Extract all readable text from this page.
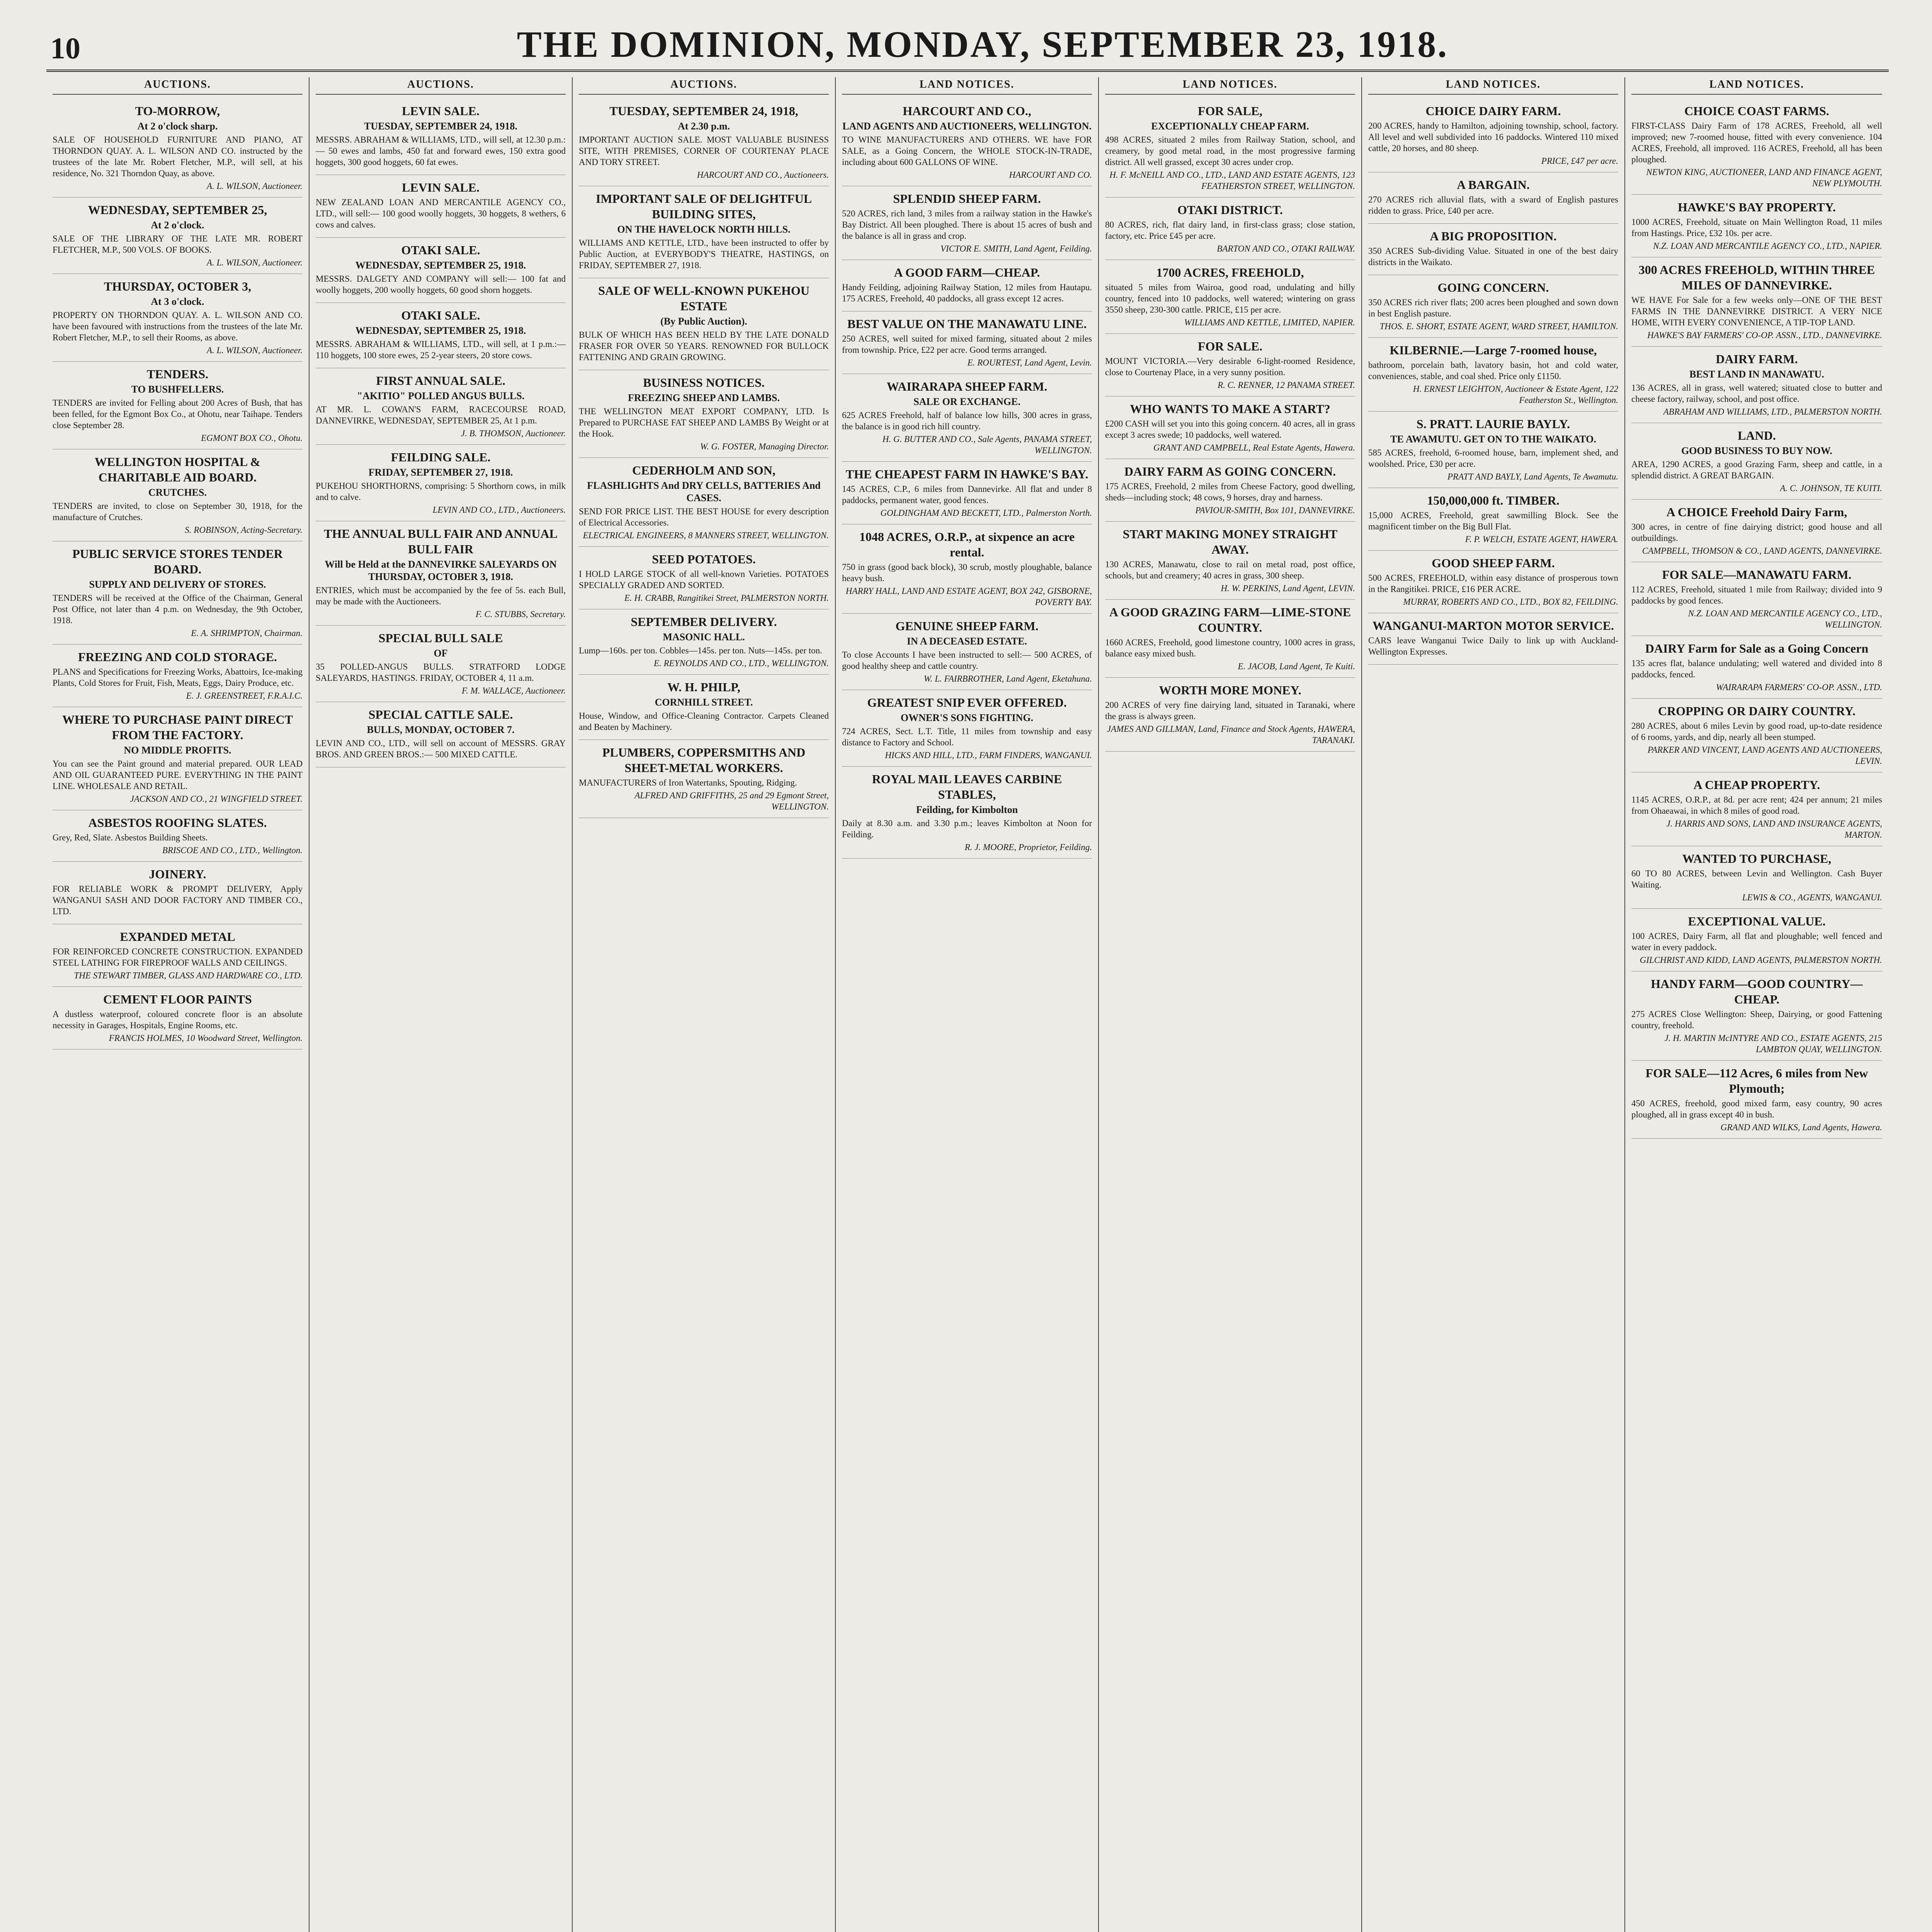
10	THE DOMINION, MONDAY, SEPTEMBER 23, 1918.
AUCTIONS.
TO-MORROW,
At 2 o'clock sharp.

SALE OF HOUSEHOLD FURNITURE AND PIANO, AT THORNDON QUAY. A. L. WILSON AND CO. instructed by the trustees of the late Mr. Robert Fletcher, M.P., will sell, at his residence, No. 321 Thorndon Quay, as above.

A. L. WILSON, Auctioneer.
WEDNESDAY, SEPTEMBER 25,
At 2 o'clock.

SALE OF THE LIBRARY OF THE LATE MR. ROBERT FLETCHER, M.P., 500 VOLS. OF BOOKS.

A. L. WILSON, Auctioneer.
THURSDAY, OCTOBER 3,
At 3 o'clock.

PROPERTY ON THORNDON QUAY. A. L. WILSON AND CO. have been favoured with instructions from the trustees of the late Mr. Robert Fletcher, M.P., to sell their Rooms, as above.

A. L. WILSON, Auctioneer.
TENDERS.
TO BUSHFELLERS.

TENDERS are invited for Felling about 200 Acres of Bush, that has been felled, for the Egmont Box Co., at Ohotu, near Taihape. Tenders close September 28.

EGMONT BOX CO., Ohotu.
WELLINGTON HOSPITAL & CHARITABLE AID BOARD.
CRUTCHES.

TENDERS are invited, to close on September 30, 1918, for the manufacture of Crutches.

S. ROBINSON, Acting-Secretary.
PUBLIC SERVICE STORES TENDER BOARD.
SUPPLY AND DELIVERY OF STORES.

TENDERS will be received at the Office of the Chairman, General Post Office, not later than 4 p.m. on Wednesday, the 9th October, 1918.

E. A. SHRIMPTON, Chairman.
FREEZING AND COLD STORAGE.

PLANS and Specifications for Freezing Works, Abattoirs, Ice-making Plants, Cold Stores for Fruit, Fish, Meats, Eggs, Dairy Produce, etc.

E. J. GREENSTREET, F.R.A.I.C.
WHERE TO PURCHASE PAINT DIRECT FROM THE FACTORY.
NO MIDDLE PROFITS.

You can see the Paint ground and material prepared. OUR LEAD AND OIL GUARANTEED PURE. EVERYTHING IN THE PAINT LINE. WHOLESALE AND RETAIL.

JACKSON AND CO., 21 WINGFIELD STREET.
ASBESTOS ROOFING SLATES.

Grey, Red, Slate. Asbestos Building Sheets.

BRISCOE AND CO., LTD., Wellington.
JOINERY.

FOR RELIABLE WORK & PROMPT DELIVERY, Apply WANGANUI SASH AND DOOR FACTORY AND TIMBER CO., LTD.

EXPANDED METAL

FOR REINFORCED CONCRETE CONSTRUCTION. EXPANDED STEEL LATHING FOR FIREPROOF WALLS AND CEILINGS.

THE STEWART TIMBER, GLASS AND HARDWARE CO., LTD.
CEMENT FLOOR PAINTS

A dustless waterproof, coloured concrete floor is an absolute necessity in Garages, Hospitals, Engine Rooms, etc.

FRANCIS HOLMES, 10 Woodward Street, Wellington.
AUCTIONS.
LEVIN SALE.
TUESDAY, SEPTEMBER 24, 1918.

MESSRS. ABRAHAM & WILLIAMS, LTD., will sell, at 12.30 p.m.:— 50 ewes and lambs, 450 fat and forward ewes, 150 extra good hoggets, 300 good hoggets, 60 fat ewes.

LEVIN SALE.

NEW ZEALAND LOAN AND MERCANTILE AGENCY CO., LTD., will sell:— 100 good woolly hoggets, 30 hoggets, 8 wethers, 6 cows and calves.

OTAKI SALE.
WEDNESDAY, SEPTEMBER 25, 1918.

MESSRS. DALGETY AND COMPANY will sell:— 100 fat and woolly hoggets, 200 woolly hoggets, 60 good shorn hoggets.

OTAKI SALE.
WEDNESDAY, SEPTEMBER 25, 1918.

MESSRS. ABRAHAM & WILLIAMS, LTD., will sell, at 1 p.m.:— 110 hoggets, 100 store ewes, 25 2-year steers, 20 store cows.

FIRST ANNUAL SALE.
"AKITIO" POLLED ANGUS BULLS.

AT MR. L. COWAN'S FARM, RACECOURSE ROAD, DANNEVIRKE, WEDNESDAY, SEPTEMBER 25, At 1 p.m.

J. B. THOMSON, Auctioneer.
FEILDING SALE.
FRIDAY, SEPTEMBER 27, 1918.

PUKEHOU SHORTHORNS, comprising: 5 Shorthorn cows, in milk and to calve.

LEVIN AND CO., LTD., Auctioneers.
THE ANNUAL BULL FAIR AND ANNUAL BULL FAIR
Will be Held at the DANNEVIRKE SALEYARDS ON THURSDAY, OCTOBER 3, 1918.

ENTRIES, which must be accompanied by the fee of 5s. each Bull, may be made with the Auctioneers.

F. C. STUBBS, Secretary.
SPECIAL BULL SALE
OF

35 POLLED-ANGUS BULLS. STRATFORD LODGE SALEYARDS, HASTINGS. FRIDAY, OCTOBER 4, 11 a.m.

F. M. WALLACE, Auctioneer.
SPECIAL CATTLE SALE.
BULLS, MONDAY, OCTOBER 7.

LEVIN AND CO., LTD., will sell on account of MESSRS. GRAY BROS. AND GREEN BROS.:— 500 MIXED CATTLE.

AUCTIONS.
TUESDAY, SEPTEMBER 24, 1918,
At 2.30 p.m.

IMPORTANT AUCTION SALE. MOST VALUABLE BUSINESS SITE, WITH PREMISES, CORNER OF COURTENAY PLACE AND TORY STREET.

HARCOURT AND CO., Auctioneers.
IMPORTANT SALE OF DELIGHTFUL BUILDING SITES,
ON THE HAVELOCK NORTH HILLS.

WILLIAMS AND KETTLE, LTD., have been instructed to offer by Public Auction, at EVERYBODY'S THEATRE, HASTINGS, on FRIDAY, SEPTEMBER 27, 1918.

SALE OF WELL-KNOWN PUKEHOU ESTATE
(By Public Auction).

BULK OF WHICH HAS BEEN HELD BY THE LATE DONALD FRASER FOR OVER 50 YEARS. RENOWNED FOR BULLOCK FATTENING AND GRAIN GROWING.

BUSINESS NOTICES.
FREEZING SHEEP AND LAMBS.

THE WELLINGTON MEAT EXPORT COMPANY, LTD. Is Prepared to PURCHASE FAT SHEEP AND LAMBS By Weight or at the Hook.

W. G. FOSTER, Managing Director.
CEDERHOLM AND SON,
FLASHLIGHTS And DRY CELLS, BATTERIES And CASES.

SEND FOR PRICE LIST. THE BEST HOUSE for every description of Electrical Accessories.

ELECTRICAL ENGINEERS, 8 MANNERS STREET, WELLINGTON.
SEED POTATOES.

I HOLD LARGE STOCK of all well-known Varieties. POTATOES SPECIALLY GRADED AND SORTED.

E. H. CRABB, Rangitikei Street, PALMERSTON NORTH.
SEPTEMBER DELIVERY.
MASONIC HALL.

Lump—160s. per ton. Cobbles—145s. per ton. Nuts—145s. per ton.

E. REYNOLDS AND CO., LTD., WELLINGTON.
W. H. PHILP,
CORNHILL STREET.

House, Window, and Office-Cleaning Contractor. Carpets Cleaned and Beaten by Machinery.

PLUMBERS, COPPERSMITHS AND SHEET-METAL WORKERS.

MANUFACTURERS of Iron Watertanks, Spouting, Ridging.

ALFRED AND GRIFFITHS, 25 and 29 Egmont Street, WELLINGTON.
LAND NOTICES.
HARCOURT AND CO.,
LAND AGENTS AND AUCTIONEERS, WELLINGTON.

TO WINE MANUFACTURERS AND OTHERS. WE have FOR SALE, as a Going Concern, the WHOLE STOCK-IN-TRADE, including about 600 GALLONS OF WINE.

HARCOURT AND CO.
SPLENDID SHEEP FARM.

520 ACRES, rich land, 3 miles from a railway station in the Hawke's Bay District. All been ploughed. There is about 15 acres of bush and the balance is all in grass and crop.

VICTOR E. SMITH, Land Agent, Feilding.
A GOOD FARM—CHEAP.

Handy Feilding, adjoining Railway Station, 12 miles from Hautapu. 175 ACRES, Freehold, 40 paddocks, all grass except 12 acres.

BEST VALUE ON THE MANAWATU LINE.

250 ACRES, well suited for mixed farming, situated about 2 miles from township. Price, £22 per acre. Good terms arranged.

E. ROURTEST, Land Agent, Levin.
WAIRARAPA SHEEP FARM.
SALE OR EXCHANGE.

625 ACRES Freehold, half of balance low hills, 300 acres in grass, the balance is in good rich hill country.

H. G. BUTTER AND CO., Sale Agents, PANAMA STREET, WELLINGTON.
THE CHEAPEST FARM IN HAWKE'S BAY.

145 ACRES, C.P., 6 miles from Dannevirke. All flat and under 8 paddocks, permanent water, good fences.

GOLDINGHAM AND BECKETT, LTD., Palmerston North.
1048 ACRES, O.R.P., at sixpence an acre rental.

750 in grass (good back block), 30 scrub, mostly ploughable, balance heavy bush.

HARRY HALL, LAND AND ESTATE AGENT, BOX 242, GISBORNE, POVERTY BAY.
GENUINE SHEEP FARM.
IN A DECEASED ESTATE.

To close Accounts I have been instructed to sell:— 500 ACRES, of good healthy sheep and cattle country.

W. L. FAIRBROTHER, Land Agent, Eketahuna.
GREATEST SNIP EVER OFFERED.
OWNER'S SONS FIGHTING.

724 ACRES, Sect. L.T. Title, 11 miles from township and easy distance to Factory and School.

HICKS AND HILL, LTD., FARM FINDERS, WANGANUI.
ROYAL MAIL LEAVES CARBINE STABLES,
Feilding, for Kimbolton

Daily at 8.30 a.m. and 3.30 p.m.; leaves Kimbolton at Noon for Feilding.

R. J. MOORE, Proprietor, Feilding.
LAND NOTICES.
FOR SALE,
EXCEPTIONALLY CHEAP FARM.

498 ACRES, situated 2 miles from Railway Station, school, and creamery, by good metal road, in the most progressive farming district. All well grassed, except 30 acres under crop.

H. F. McNEILL AND CO., LTD., LAND AND ESTATE AGENTS, 123 FEATHERSTON STREET, WELLINGTON.
OTAKI DISTRICT.

80 ACRES, rich, flat dairy land, in first-class grass; close station, factory, etc. Price £45 per acre.

BARTON AND CO., OTAKI RAILWAY.
1700 ACRES, FREEHOLD,

situated 5 miles from Wairoa, good road, undulating and hilly country, fenced into 10 paddocks, well watered; wintering on grass 3550 sheep, 230-300 cattle. PRICE, £15 per acre.

WILLIAMS AND KETTLE, LIMITED, NAPIER.
FOR SALE.

MOUNT VICTORIA.—Very desirable 6-light-roomed Residence, close to Courtenay Place, in a very sunny position.

R. C. RENNER, 12 PANAMA STREET.
WHO WANTS TO MAKE A START?

£200 CASH will set you into this going concern. 40 acres, all in grass except 3 acres swede; 10 paddocks, well watered.

GRANT AND CAMPBELL, Real Estate Agents, Hawera.
DAIRY FARM AS GOING CONCERN.

175 ACRES, Freehold, 2 miles from Cheese Factory, good dwelling, sheds—including stock; 48 cows, 9 horses, dray and harness.

PAVIOUR-SMITH, Box 101, DANNEVIRKE.
START MAKING MONEY STRAIGHT AWAY.

130 ACRES, Manawatu, close to rail on metal road, post office, schools, but and creamery; 40 acres in grass, 300 sheep.

H. W. PERKINS, Land Agent, LEVIN.
A GOOD GRAZING FARM—LIME-STONE COUNTRY.

1660 ACRES, Freehold, good limestone country, 1000 acres in grass, balance easy mixed bush.

E. JACOB, Land Agent, Te Kuiti.
WORTH MORE MONEY.

200 ACRES of very fine dairying land, situated in Taranaki, where the grass is always green.

JAMES AND GILLMAN, Land, Finance and Stock Agents, HAWERA, TARANAKI.
LAND NOTICES.
CHOICE DAIRY FARM.

200 ACRES, handy to Hamilton, adjoining township, school, factory. All level and well subdivided into 16 paddocks. Wintered 110 mixed cattle, 20 horses, and 80 sheep.

PRICE, £47 per acre.
A BARGAIN.

270 ACRES rich alluvial flats, with a sward of English pastures ridden to grass. Price, £40 per acre.

A BIG PROPOSITION.

350 ACRES Sub-dividing Value. Situated in one of the best dairy districts in the Waikato.

GOING CONCERN.

350 ACRES rich river flats; 200 acres been ploughed and sown down in best English pasture.

THOS. E. SHORT, ESTATE AGENT, WARD STREET, HAMILTON.
KILBERNIE.—Large 7-roomed house,

bathroom, porcelain bath, lavatory basin, hot and cold water, conveniences, stable, and coal shed. Price only £1150.

H. ERNEST LEIGHTON, Auctioneer & Estate Agent, 122 Featherston St., Wellington.
S. PRATT. LAURIE BAYLY.
TE AWAMUTU. GET ON TO THE WAIKATO.

585 ACRES, freehold, 6-roomed house, barn, implement shed, and woolshed. Price, £30 per acre.

PRATT AND BAYLY, Land Agents, Te Awamutu.
150,000,000 ft. TIMBER.

15,000 ACRES, Freehold, great sawmilling Block. See the magnificent timber on the Big Bull Flat.

F. P. WELCH, ESTATE AGENT, HAWERA.
GOOD SHEEP FARM.

500 ACRES, FREEHOLD, within easy distance of prosperous town in the Rangitikei. PRICE, £16 PER ACRE.

MURRAY, ROBERTS AND CO., LTD., BOX 82, FEILDING.
WANGANUI-MARTON MOTOR SERVICE.

CARS leave Wanganui Twice Daily to link up with Auckland-Wellington Expresses.

LAND NOTICES.
CHOICE COAST FARMS.

FIRST-CLASS Dairy Farm of 178 ACRES, Freehold, all well improved; new 7-roomed house, fitted with every convenience. 104 ACRES, Freehold, all improved. 116 ACRES, Freehold, all has been ploughed.

NEWTON KING, AUCTIONEER, LAND AND FINANCE AGENT, NEW PLYMOUTH.
HAWKE'S BAY PROPERTY.

1000 ACRES, Freehold, situate on Main Wellington Road, 11 miles from Hastings. Price, £32 10s. per acre.

N.Z. LOAN AND MERCANTILE AGENCY CO., LTD., NAPIER.
300 ACRES FREEHOLD, WITHIN THREE MILES OF DANNEVIRKE.

WE HAVE For Sale for a few weeks only—ONE OF THE BEST FARMS IN THE DANNEVIRKE DISTRICT. A VERY NICE HOME, WITH EVERY CONVENIENCE, A TIP-TOP LAND.

HAWKE'S BAY FARMERS' CO-OP. ASSN., LTD., DANNEVIRKE.
DAIRY FARM.
BEST LAND IN MANAWATU.

136 ACRES, all in grass, well watered; situated close to butter and cheese factory, railway, school, and post office.

ABRAHAM AND WILLIAMS, LTD., PALMERSTON NORTH.
LAND.
GOOD BUSINESS TO BUY NOW.

AREA, 1290 ACRES, a good Grazing Farm, sheep and cattle, in a splendid district. A GREAT BARGAIN.

A. C. JOHNSON, TE KUITI.
A CHOICE Freehold Dairy Farm,

300 acres, in centre of fine dairying district; good house and all outbuildings.

CAMPBELL, THOMSON & CO., LAND AGENTS, DANNEVIRKE.
FOR SALE—MANAWATU FARM.

112 ACRES, Freehold, situated 1 mile from Railway; divided into 9 paddocks by good fences.

N.Z. LOAN AND MERCANTILE AGENCY CO., LTD., WELLINGTON.
DAIRY Farm for Sale as a Going Concern

135 acres flat, balance undulating; well watered and divided into 8 paddocks, fenced.

WAIRARAPA FARMERS' CO-OP. ASSN., LTD.
CROPPING OR DAIRY COUNTRY.

280 ACRES, about 6 miles Levin by good road, up-to-date residence of 6 rooms, yards, and dip, nearly all been stumped.

PARKER AND VINCENT, LAND AGENTS AND AUCTIONEERS, LEVIN.
A CHEAP PROPERTY.

1145 ACRES, O.R.P., at 8d. per acre rent; 424 per annum; 21 miles from Ohaeawai, in which 8 miles of good road.

J. HARRIS AND SONS, LAND AND INSURANCE AGENTS, MARTON.
WANTED TO PURCHASE,

60 TO 80 ACRES, between Levin and Wellington. Cash Buyer Waiting.

LEWIS & CO., AGENTS, WANGANUI.
EXCEPTIONAL VALUE.

100 ACRES, Dairy Farm, all flat and ploughable; well fenced and water in every paddock.

GILCHRIST AND KIDD, LAND AGENTS, PALMERSTON NORTH.
HANDY FARM—GOOD COUNTRY—CHEAP.

275 ACRES Close Wellington: Sheep, Dairying, or good Fattening country, freehold.

J. H. MARTIN McINTYRE AND CO., ESTATE AGENTS, 215 LAMBTON QUAY, WELLINGTON.
FOR SALE—112 Acres, 6 miles from New Plymouth;

450 ACRES, freehold, good mixed farm, easy country, 90 acres ploughed, all in grass except 40 in bush.

GRAND AND WILKS, Land Agents, Hawera.
